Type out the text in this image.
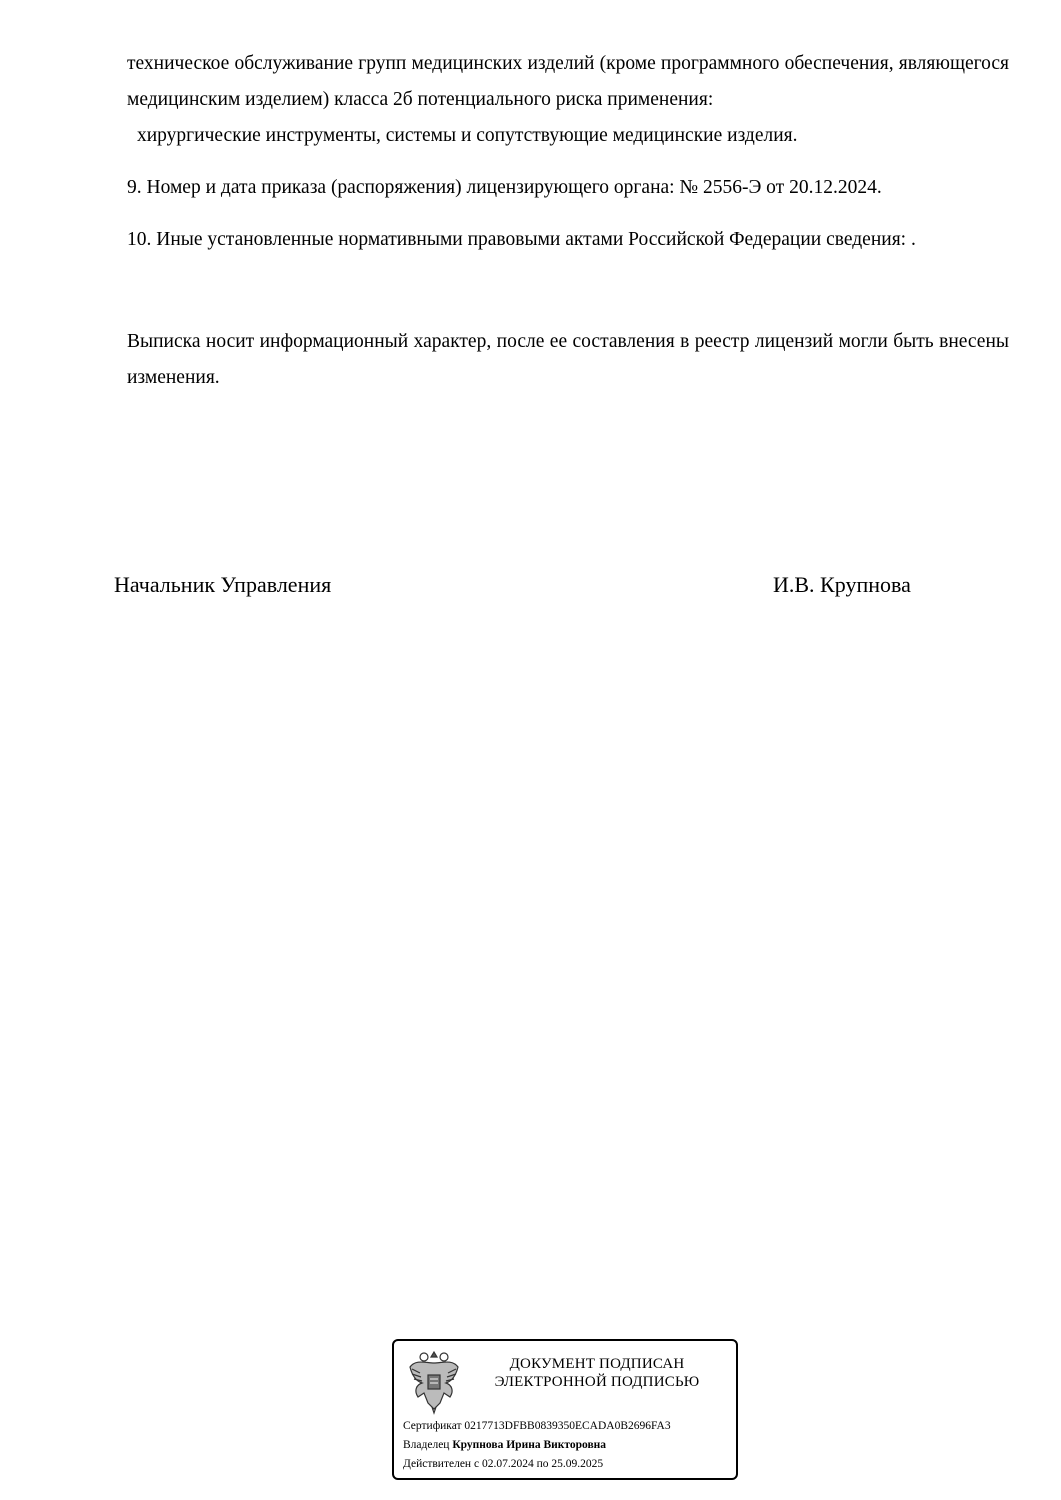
техническое обслуживание групп медицинских изделий (кроме программного обеспечения, являющегося медицинским изделием) класса 2б потенциального риска применения:
хирургические инструменты, системы и сопутствующие медицинские изделия.

9. Номер и дата приказа (распоряжения) лицензирующего органа: № 2556-Э от 20.12.2024.

10. Иные установленные нормативными правовыми актами Российской Федерации сведения: .

Выписка носит информационный характер, после ее составления в реестр лицензий могли быть внесены изменения.

Начальник Управления	И.В. Крупнова

ДОКУМЕНТ ПОДПИСАН
ЭЛЕКТРОННОЙ ПОДПИСЬЮ
Сертификат 0217713DFBB0839350ECADA0B2696FA3
Владелец Крупнова Ирина Викторовна
Действителен с 02.07.2024 по 25.09.2025
